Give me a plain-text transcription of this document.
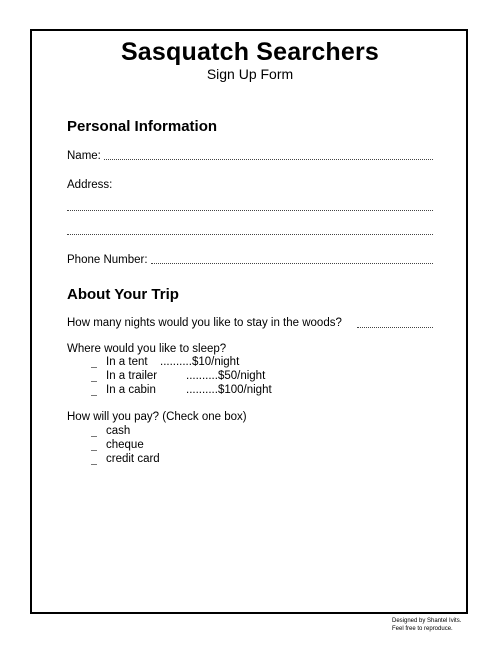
Sasquatch Searchers
Sign Up Form
Personal Information
Name:
Address:
Phone Number:
About Your Trip
How many nights would you like to stay in the woods?
Where would you like to sleep?
In a tent ..........$10/night
In a trailer	..........$50/night
In a cabin	..........$100/night
How will you pay? (Check one box)
cash
cheque
credit card
Designed by Shantel Ivits.
Feel free to reproduce.
